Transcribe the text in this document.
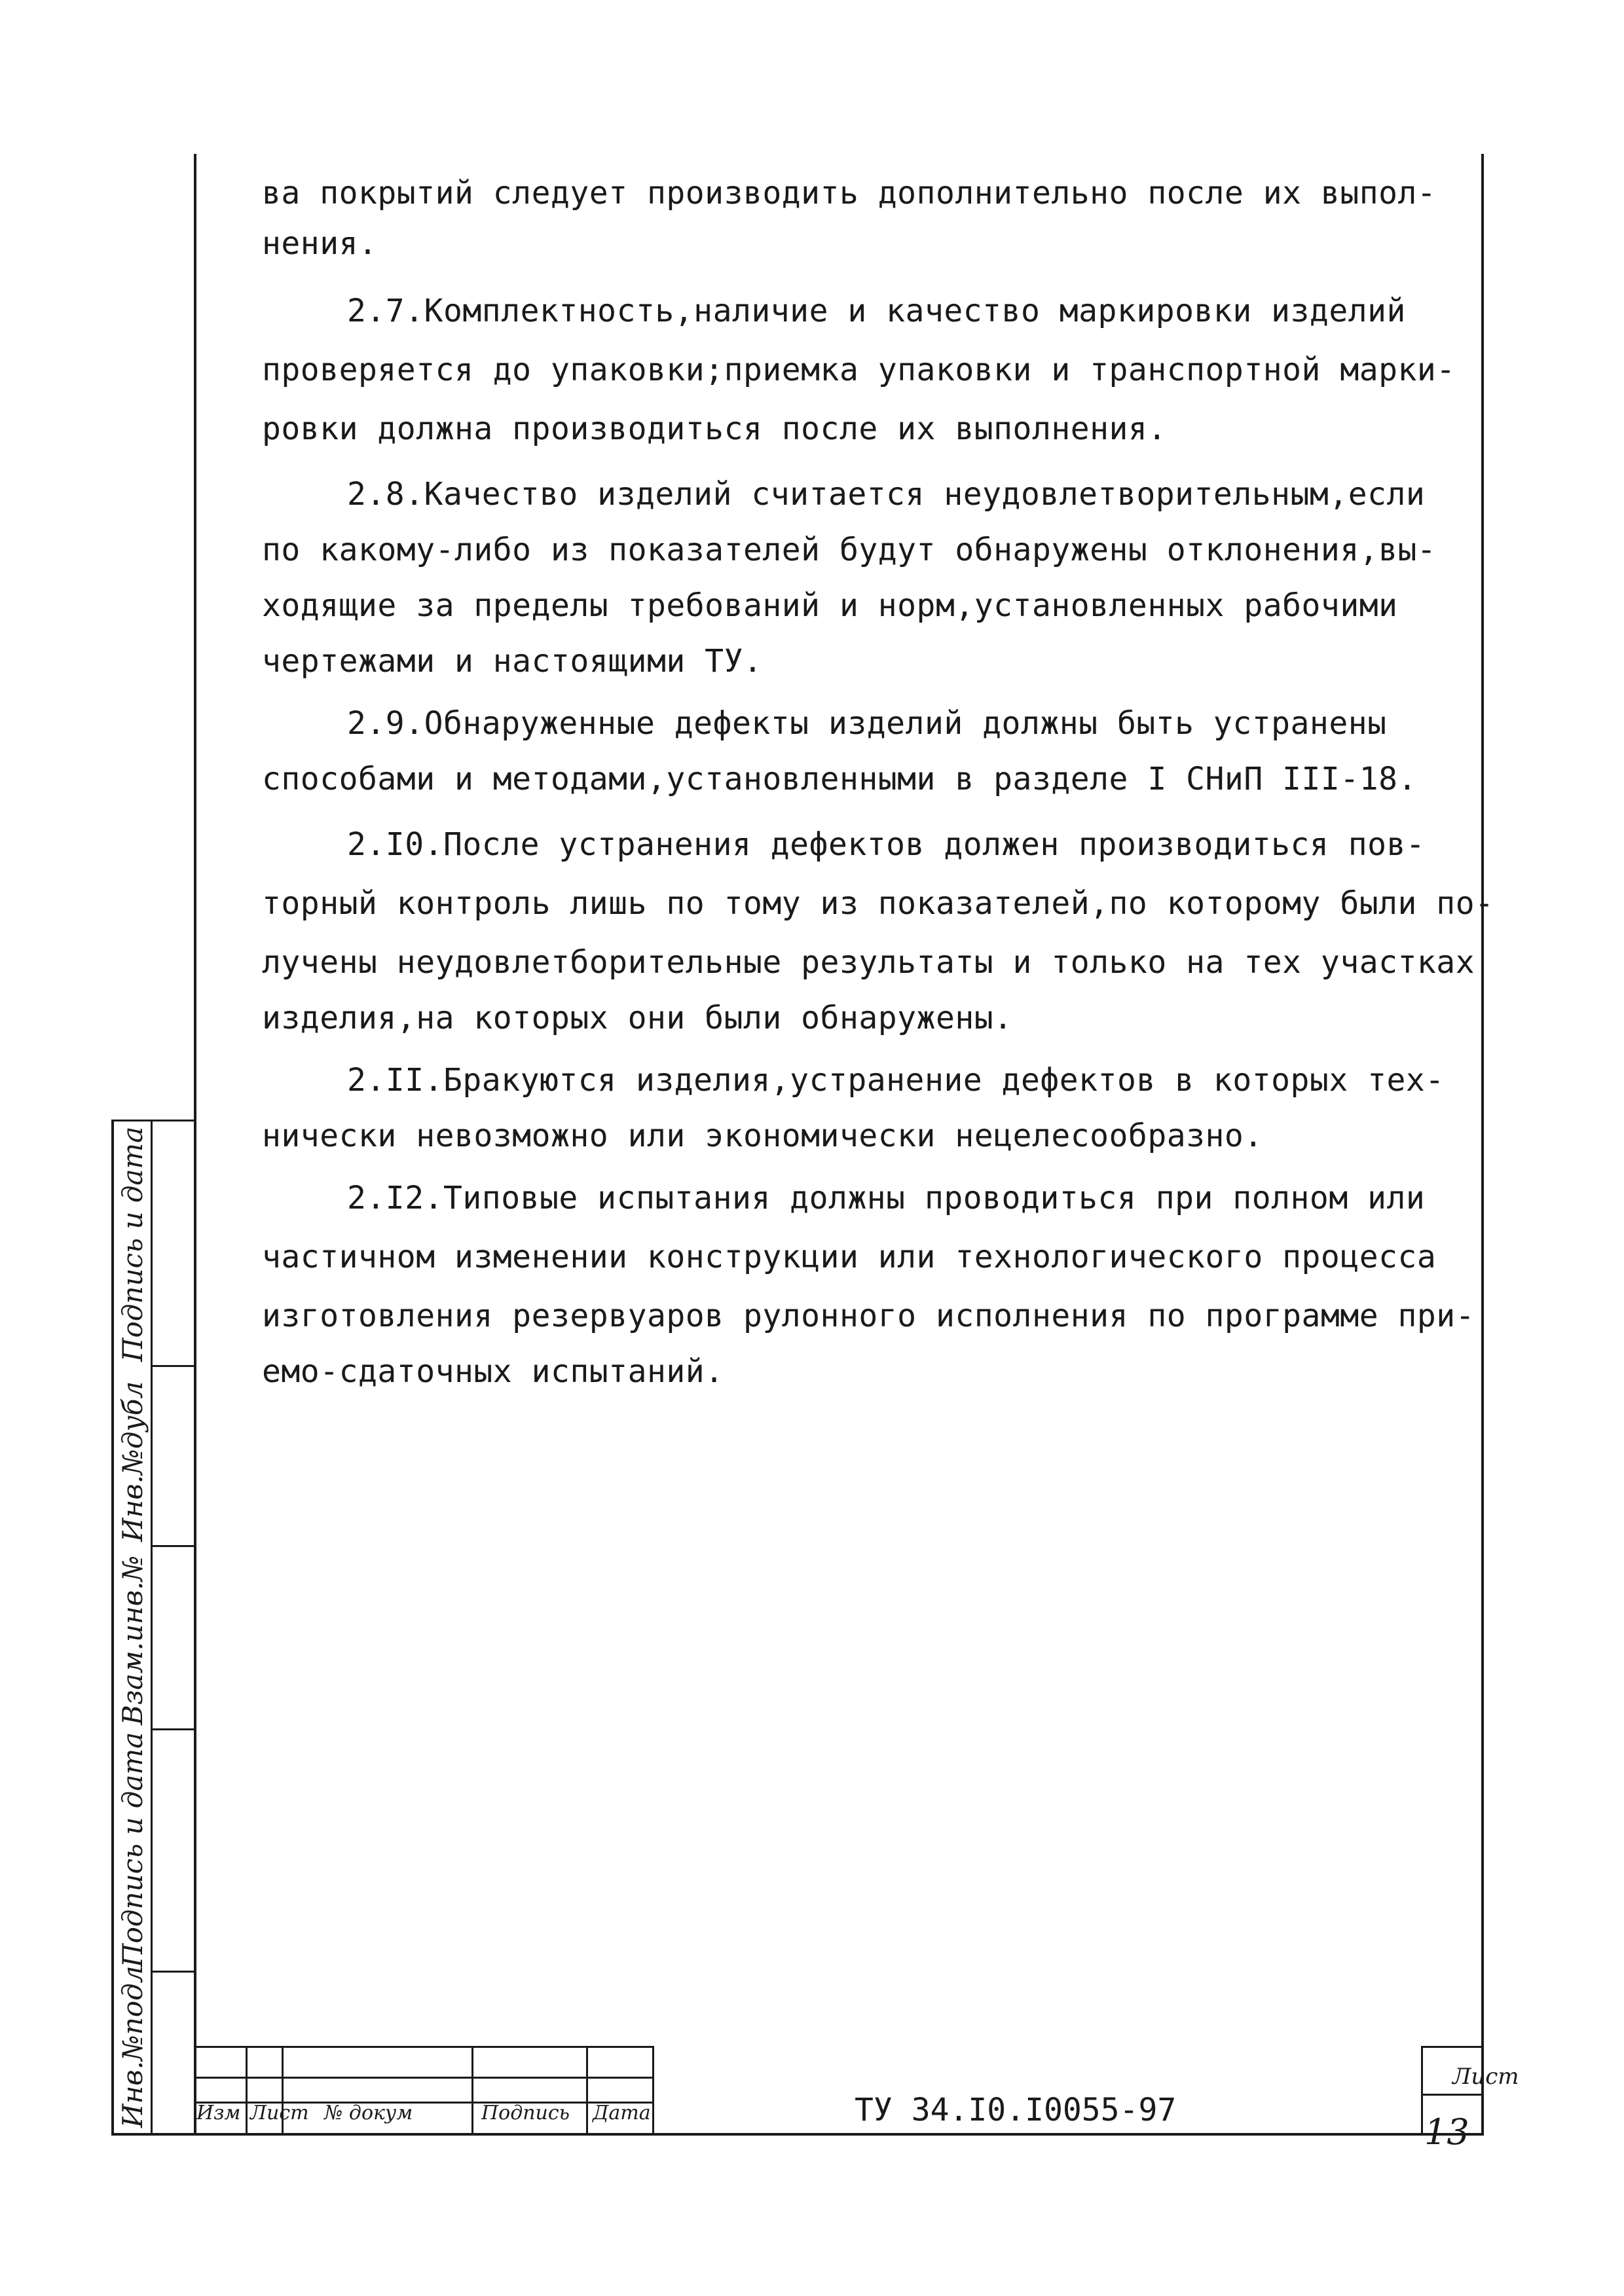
Подпись и дата
Инв.№дубл
Взам.инв.№
Подпись и дата
Инв.№подл
ва покрытий следует производить дополнительно после их выпол-
нения.
2.7.Комплектность,наличие и качество маркировки изделий
проверяется до упаковки;приемка упаковки и транспортной марки-
ровки должна производиться после их выполнения.
2.8.Качество изделий считается неудовлетворительным,если
по какому-либо из показателей будут обнаружены отклонения,вы-
ходящие за пределы требований и норм,установленных рабочими
чертежами и настоящими ТУ.
2.9.Обнаруженные дефекты изделий должны быть устранены
способами и методами,установленными в разделе I СНиП III-18.
2.I0.После устранения дефектов должен производиться пов-
торный контроль лишь по тому из показателей,по которому были по-
лучены неудовлетборительные результаты и только на тех участках
изделия,на которых они были обнаружены.
2.II.Бракуются изделия,устранение дефектов в которых тех-
нически невозможно или экономически нецелесообразно.
2.I2.Типовые испытания должны проводиться при полном или
частичном изменении конструкции или технологического процесса
изготовления резервуаров рулонного исполнения по программе при-
емо-сдаточных испытаний.
Изм Лист № докум	Подпись Дата	ТУ 34.I0.I0055-97
Лист
13
